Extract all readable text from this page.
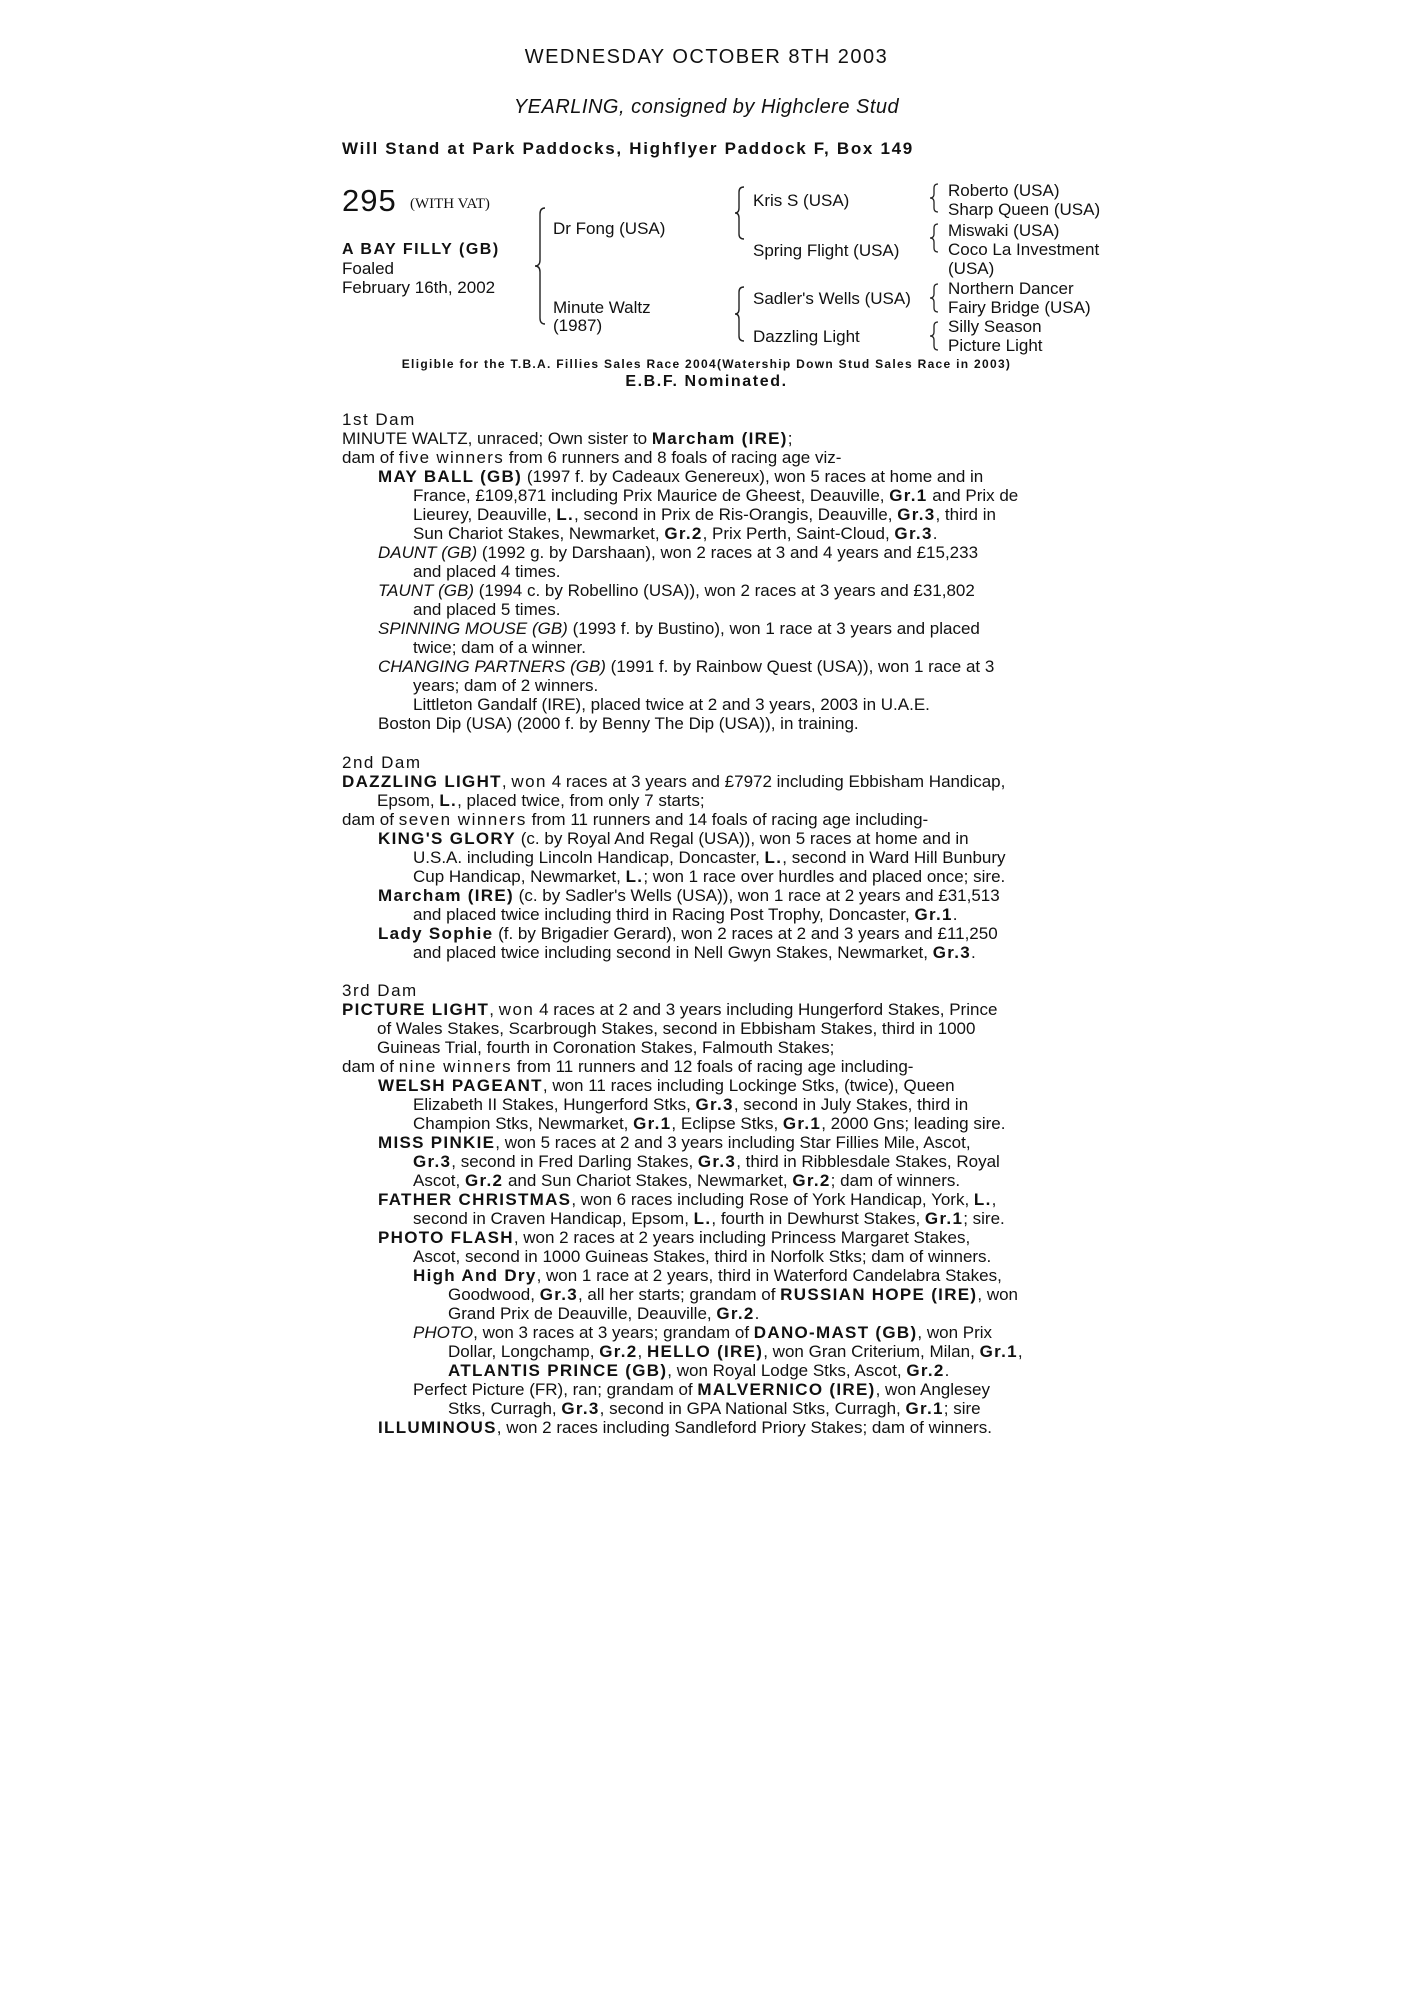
WEDNESDAY OCTOBER 8TH 2003
YEARLING, consigned by Highclere Stud
Will Stand at Park Paddocks, Highflyer Paddock F, Box 149
295 (WITH VAT)
A BAY FILLY (GB)
Foaled
February 16th, 2002
Dr Fong (USA)
Minute Waltz
(1987)
Kris S (USA)
Spring Flight (USA)
Sadler's Wells (USA)
Dazzling Light
Roberto (USA)
Sharp Queen (USA)
Miswaki (USA)
Coco La Investment
(USA)
Northern Dancer
Fairy Bridge (USA)
Silly Season
Picture Light
Eligible for the T.B.A. Fillies Sales Race 2004(Watership Down Stud Sales Race in 2003)
E.B.F. Nominated.
1st Dam
MINUTE WALTZ, unraced; Own sister to Marcham (IRE);
dam of five winners from 6 runners and 8 foals of racing age viz-
MAY BALL (GB) (1997 f. by Cadeaux Genereux), won 5 races at home and in
France, £109,871 including Prix Maurice de Gheest, Deauville, Gr.1 and Prix de
Lieurey, Deauville, L., second in Prix de Ris-Orangis, Deauville, Gr.3, third in
Sun Chariot Stakes, Newmarket, Gr.2, Prix Perth, Saint-Cloud, Gr.3.
DAUNT (GB) (1992 g. by Darshaan), won 2 races at 3 and 4 years and £15,233
and placed 4 times.
TAUNT (GB) (1994 c. by Robellino (USA)), won 2 races at 3 years and £31,802
and placed 5 times.
SPINNING MOUSE (GB) (1993 f. by Bustino), won 1 race at 3 years and placed
twice; dam of a winner.
CHANGING PARTNERS (GB) (1991 f. by Rainbow Quest (USA)), won 1 race at 3
years; dam of 2 winners.
Littleton Gandalf (IRE), placed twice at 2 and 3 years, 2003 in U.A.E.
Boston Dip (USA) (2000 f. by Benny The Dip (USA)), in training.
2nd Dam
DAZZLING LIGHT, won 4 races at 3 years and £7972 including Ebbisham Handicap,
Epsom, L., placed twice, from only 7 starts;
dam of seven winners from 11 runners and 14 foals of racing age including-
KING'S GLORY (c. by Royal And Regal (USA)), won 5 races at home and in
U.S.A. including Lincoln Handicap, Doncaster, L., second in Ward Hill Bunbury
Cup Handicap, Newmarket, L.; won 1 race over hurdles and placed once; sire.
Marcham (IRE) (c. by Sadler's Wells (USA)), won 1 race at 2 years and £31,513
and placed twice including third in Racing Post Trophy, Doncaster, Gr.1.
Lady Sophie (f. by Brigadier Gerard), won 2 races at 2 and 3 years and £11,250
and placed twice including second in Nell Gwyn Stakes, Newmarket, Gr.3.
3rd Dam
PICTURE LIGHT, won 4 races at 2 and 3 years including Hungerford Stakes, Prince
of Wales Stakes, Scarbrough Stakes, second in Ebbisham Stakes, third in 1000
Guineas Trial, fourth in Coronation Stakes, Falmouth Stakes;
dam of nine winners from 11 runners and 12 foals of racing age including-
WELSH PAGEANT, won 11 races including Lockinge Stks, (twice), Queen
Elizabeth II Stakes, Hungerford Stks, Gr.3, second in July Stakes, third in
Champion Stks, Newmarket, Gr.1, Eclipse Stks, Gr.1, 2000 Gns; leading sire.
MISS PINKIE, won 5 races at 2 and 3 years including Star Fillies Mile, Ascot,
Gr.3, second in Fred Darling Stakes, Gr.3, third in Ribblesdale Stakes, Royal
Ascot, Gr.2 and Sun Chariot Stakes, Newmarket, Gr.2; dam of winners.
FATHER CHRISTMAS, won 6 races including Rose of York Handicap, York, L.,
second in Craven Handicap, Epsom, L., fourth in Dewhurst Stakes, Gr.1; sire.
PHOTO FLASH, won 2 races at 2 years including Princess Margaret Stakes,
Ascot, second in 1000 Guineas Stakes, third in Norfolk Stks; dam of winners.
High And Dry, won 1 race at 2 years, third in Waterford Candelabra Stakes,
Goodwood, Gr.3, all her starts; grandam of RUSSIAN HOPE (IRE), won
Grand Prix de Deauville, Deauville, Gr.2.
PHOTO, won 3 races at 3 years; grandam of DANO-MAST (GB), won Prix
Dollar, Longchamp, Gr.2, HELLO (IRE), won Gran Criterium, Milan, Gr.1,
ATLANTIS PRINCE (GB), won Royal Lodge Stks, Ascot, Gr.2.
Perfect Picture (FR), ran; grandam of MALVERNICO (IRE), won Anglesey
Stks, Curragh, Gr.3, second in GPA National Stks, Curragh, Gr.1; sire
ILLUMINOUS, won 2 races including Sandleford Priory Stakes; dam of winners.
